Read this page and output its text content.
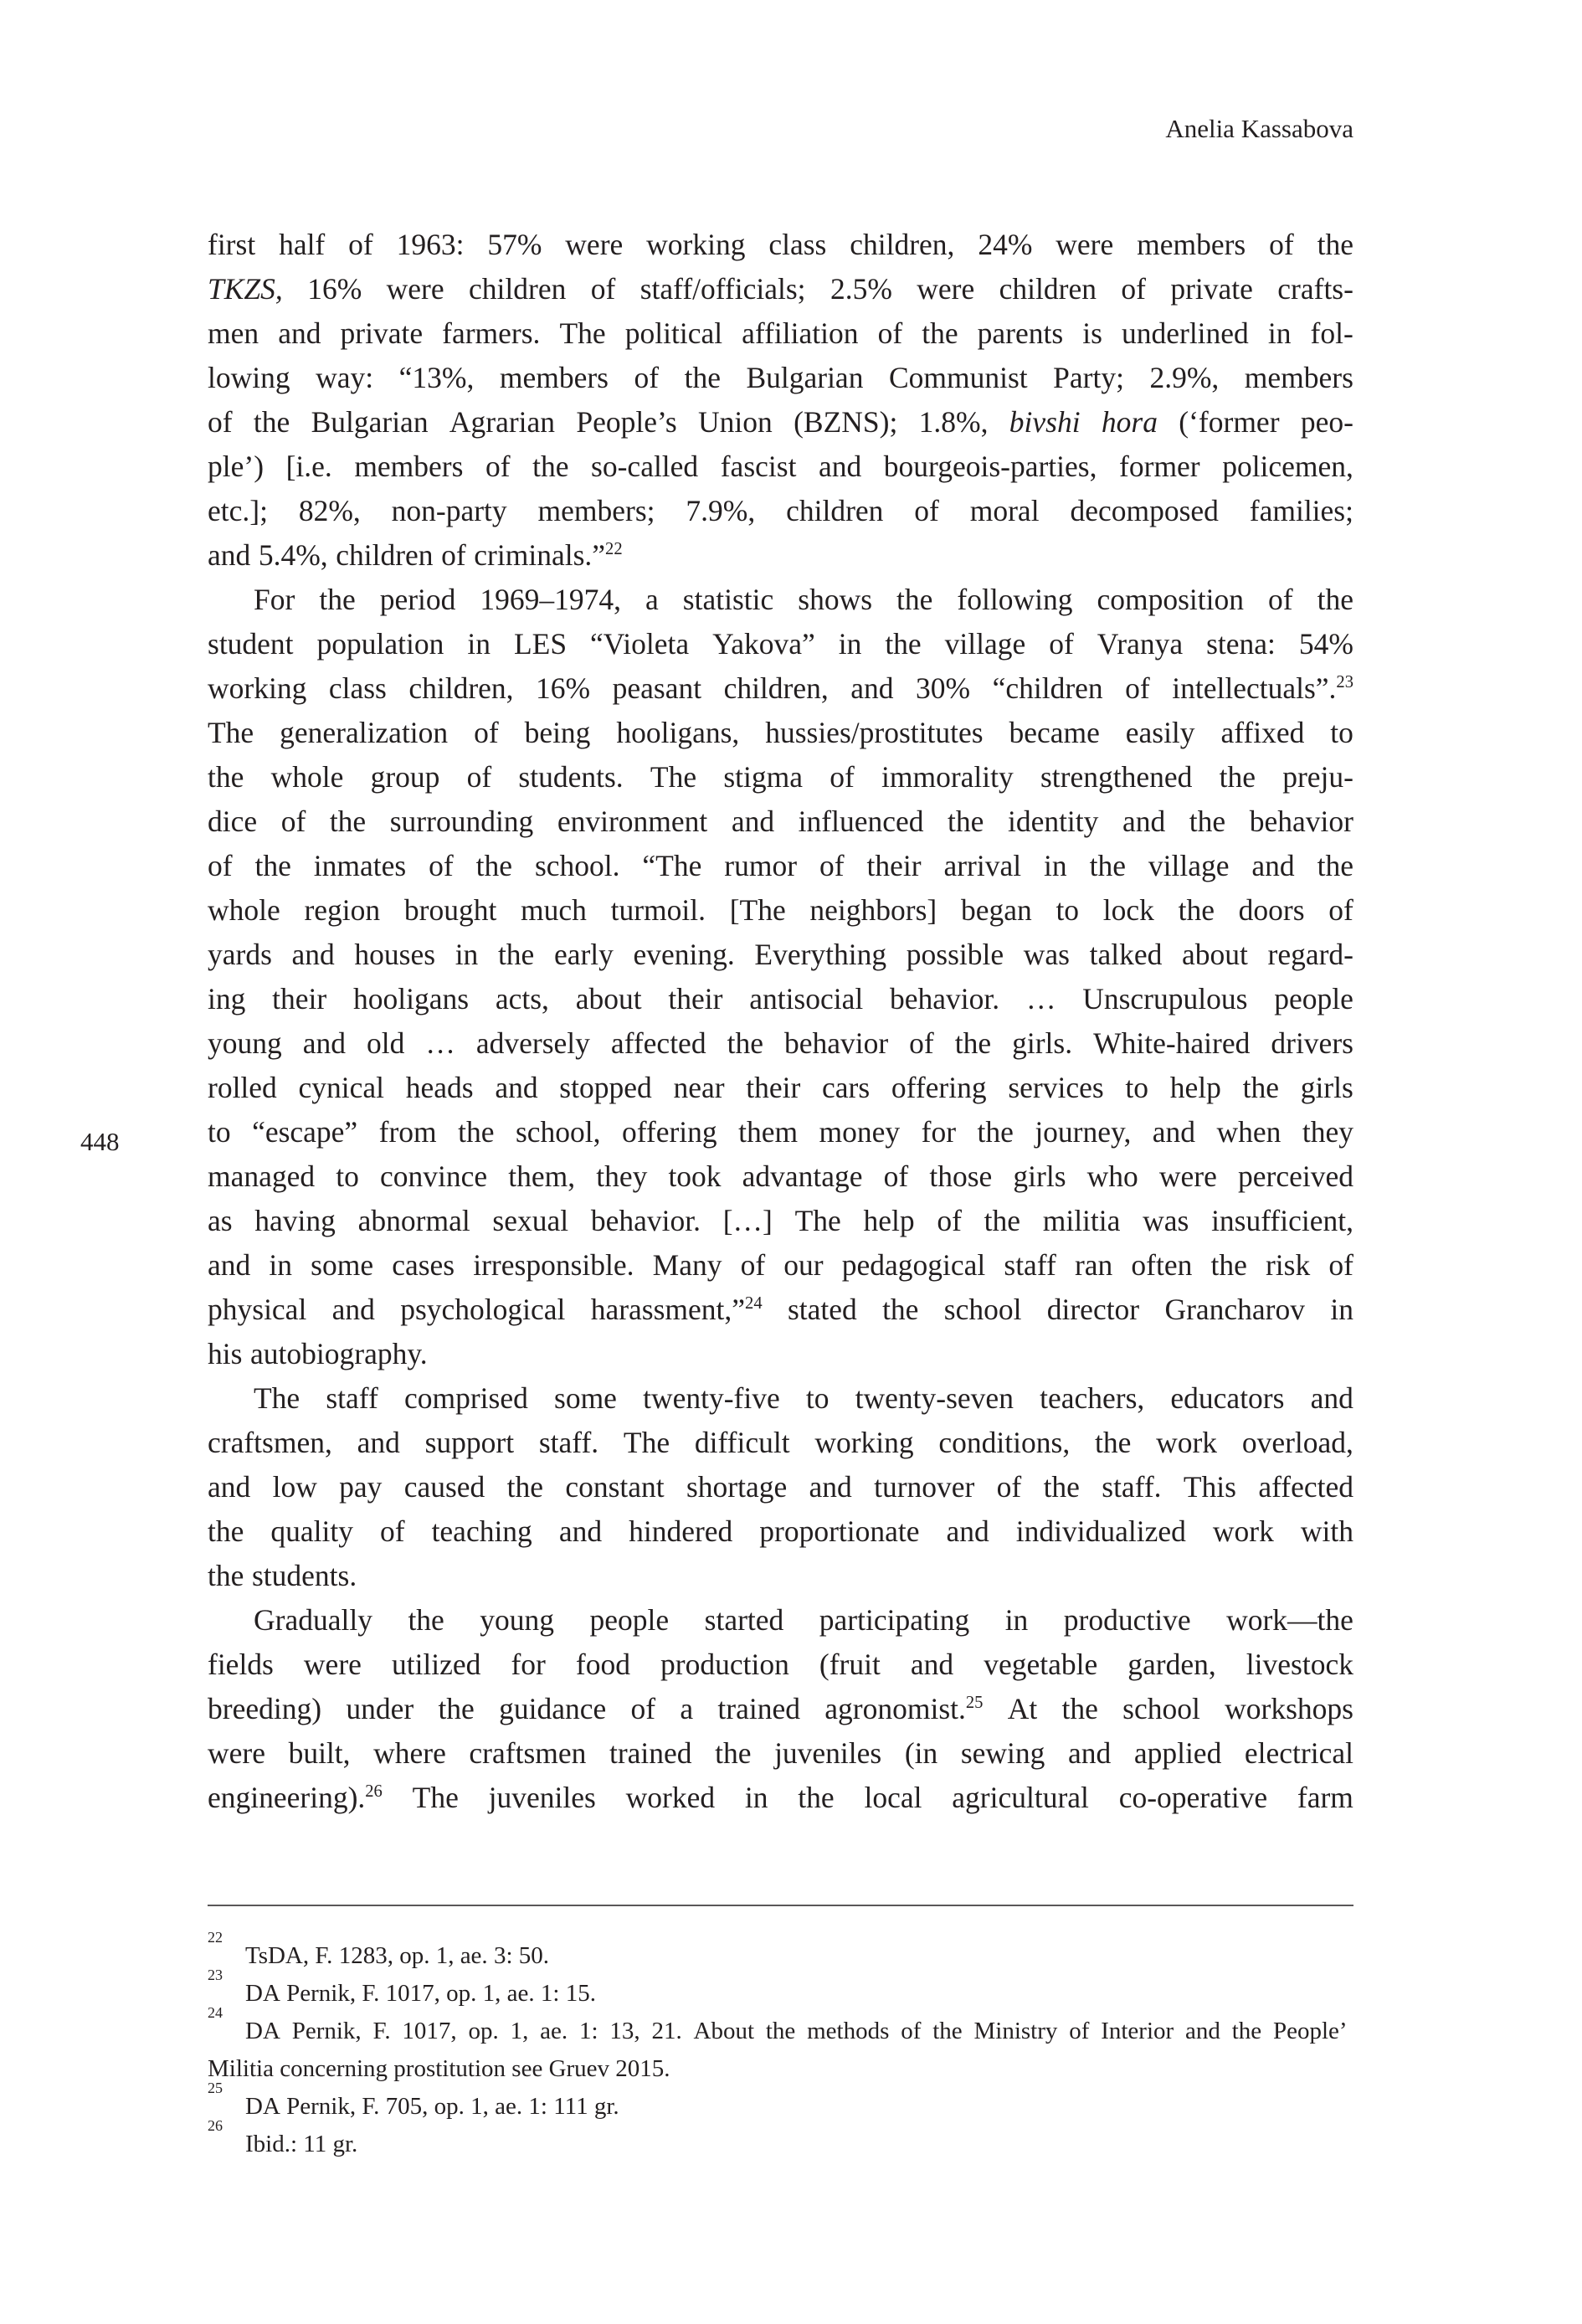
Anelia Kassabova
448
first half of 1963: 57% were working class children, 24% were members of the
TKZS, 16% were children of staff/officials; 2.5% were children of private crafts-
men and private farmers. The political affiliation of the parents is underlined in fol-
lowing way: “13%, members of the Bulgarian Communist Party; 2.9%, members
of the Bulgarian Agrarian People’s Union (BZNS); 1.8%, bivshi hora (‘former peo-
ple’) [i.e. members of the so-called fascist and bourgeois-parties, former policemen,
etc.]; 82%, non-party members; 7.9%, children of moral decomposed families;
and 5.4%, children of criminals.”$^{22}$
For the period 1969–1974, a statistic shows the following composition of the
student population in LES “Violeta Yakova” in the village of Vranya stena: 54%
working class children, 16% peasant children, and 30% “children of intellectuals”.$^{23}$
The generalization of being hooligans, hussies/prostitutes became easily affixed to
the whole group of students. The stigma of immorality strengthened the preju-
dice of the surrounding environment and influenced the identity and the behavior
of the inmates of the school. “The rumor of their arrival in the village and the
whole region brought much turmoil. [The neighbors] began to lock the doors of
yards and houses in the early evening. Everything possible was talked about regard-
ing their hooligans acts, about their antisocial behavior. … Unscrupulous people
young and old … adversely affected the behavior of the girls. White-haired drivers
rolled cynical heads and stopped near their cars offering services to help the girls
to “escape” from the school, offering them money for the journey, and when they
managed to convince them, they took advantage of those girls who were perceived
as having abnormal sexual behavior. […] The help of the militia was insufficient,
and in some cases irresponsible. Many of our pedagogical staff ran often the risk of
physical and psychological harassment,”$^{24}$ stated the school director Grancharov in
his autobiography.
The staff comprised some twenty-five to twenty-seven teachers, educators and
craftsmen, and support staff. The difficult working conditions, the work overload,
and low pay caused the constant shortage and turnover of the staff. This affected
the quality of teaching and hindered proportionate and individualized work with
the students.
Gradually the young people started participating in productive work—the
fields were utilized for food production (fruit and vegetable garden, livestock
breeding) under the guidance of a trained agronomist.$^{25}$ At the school workshops
were built, where craftsmen trained the juveniles (in sewing and applied electrical
engineering).$^{26}$ The juveniles worked in the local agricultural co-operative farm
22
TsDA, F. 1283, op. 1, ae. 3: 50.
23
DA Pernik, F. 1017, op. 1, ae. 1: 15.
24
DA Pernik, F. 1017, op. 1, ae. 1: 13, 21. About the methods of the Ministry of Interior and the People’
Militia concerning prostitution see Gruev 2015.
25
DA Pernik, F. 705, op. 1, ae. 1: 111 gr.
26
Ibid.: 11 gr.
